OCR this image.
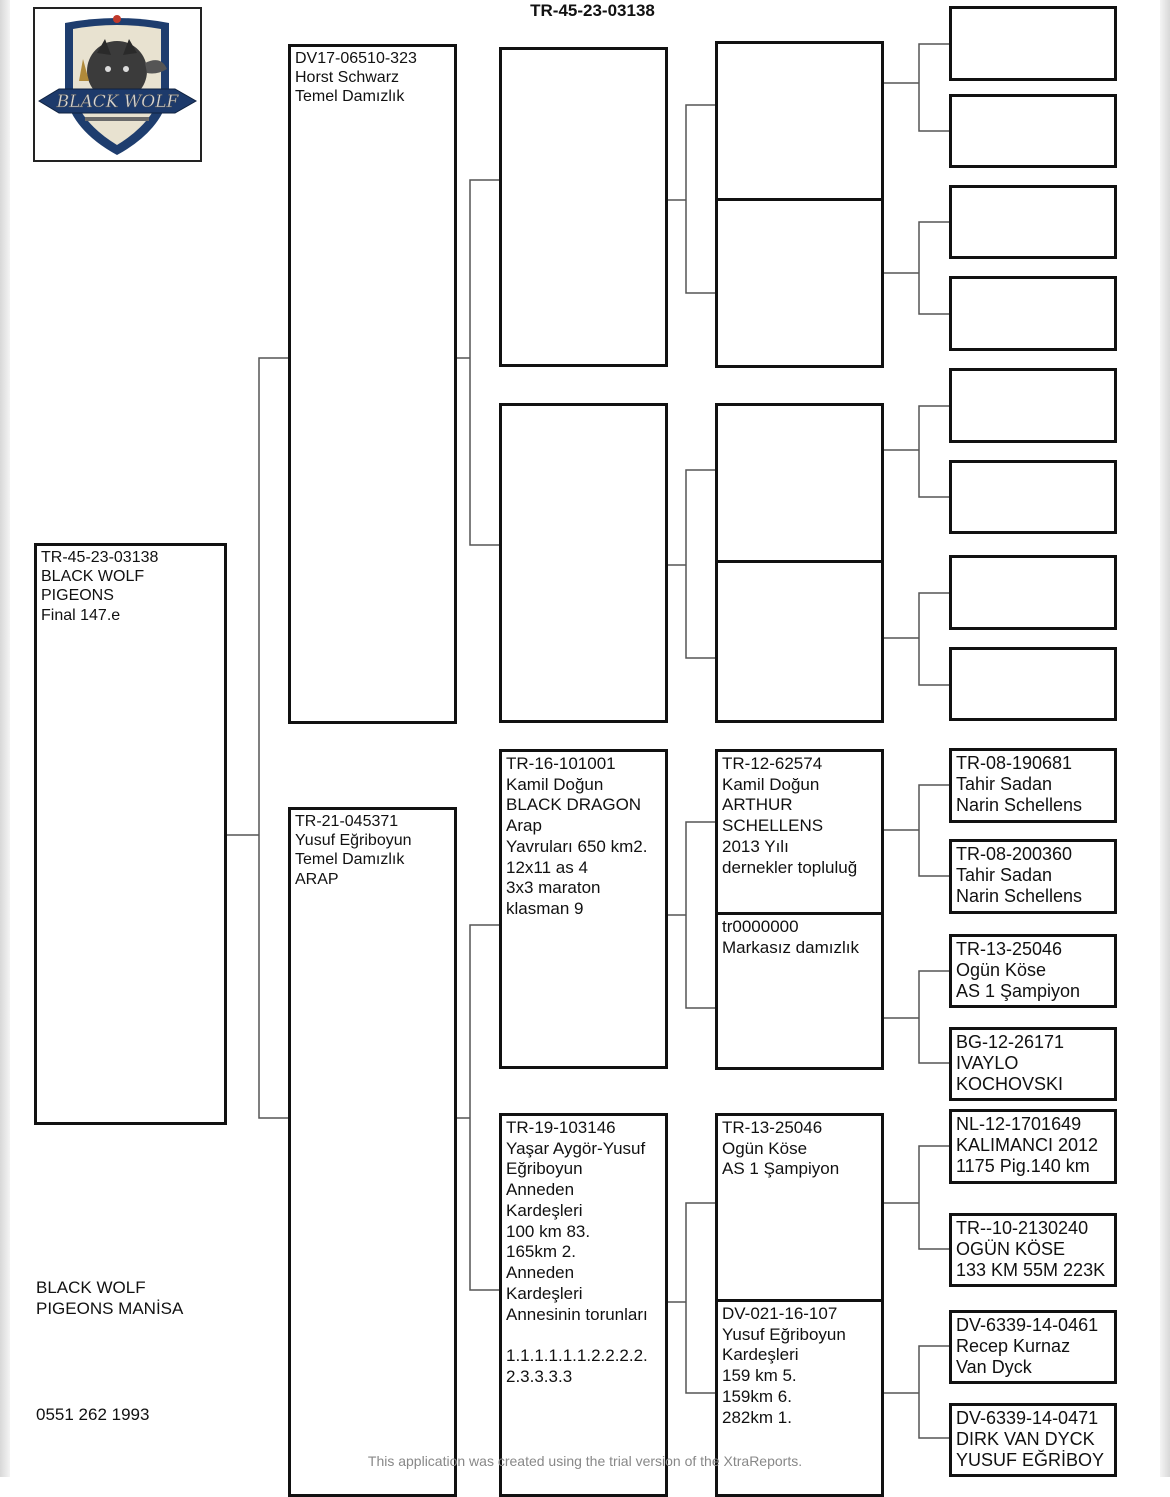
BLACK WOLF
TR-45-23-03138
TR-45-23-03138
BLACK WOLF
PIGEONS
Final 147.e
DV17-06510-323
Horst Schwarz
Temel Damızlık
TR-21-045371
Yusuf Eğriboyun
Temel Damızlık
ARAP
TR-16-101001
Kamil Doğun
BLACK DRAGON
Arap
Yavruları 650 km2.
12x11 as 4
3x3 maraton
klasman 9
TR-19-103146
Yaşar Aygör-Yusuf
Eğriboyun
Anneden
Kardeşleri
100 km 83.
165km 2.
Anneden
Kardeşleri
Annesinin torunları
1.1.1.1.1.1.2.2.2.2.
2.3.3.3.3
TR-12-62574
Kamil Doğun
ARTHUR
SCHELLENS
2013 Yılı
dernekler topluluğ
tr0000000
Markasız damızlık
TR-13-25046
Ogün Köse
AS 1 Şampiyon
DV-021-16-107
Yusuf Eğriboyun
Kardeşleri
159 km 5.
159km 6.
282km 1.
TR-08-190681
Tahir Sadan
Narin Schellens
TR-08-200360
Tahir Sadan
Narin Schellens
TR-13-25046
Ogün Köse
AS 1 Şampiyon
BG-12-26171
IVAYLO
KOCHOVSKI
NL-12-1701649
KALIMANCI 2012
1175 Pig.140 km
TR--10-2130240
OGÜN KÖSE
133 KM 55M 223K
DV-6339-14-0461
Recep Kurnaz
Van Dyck
DV-6339-14-0471
DIRK VAN DYCK
YUSUF EĞRİBOY
BLACK WOLF
PIGEONS MANİSA
0551 262 1993
This application was created using the trial version of the XtraReports.
